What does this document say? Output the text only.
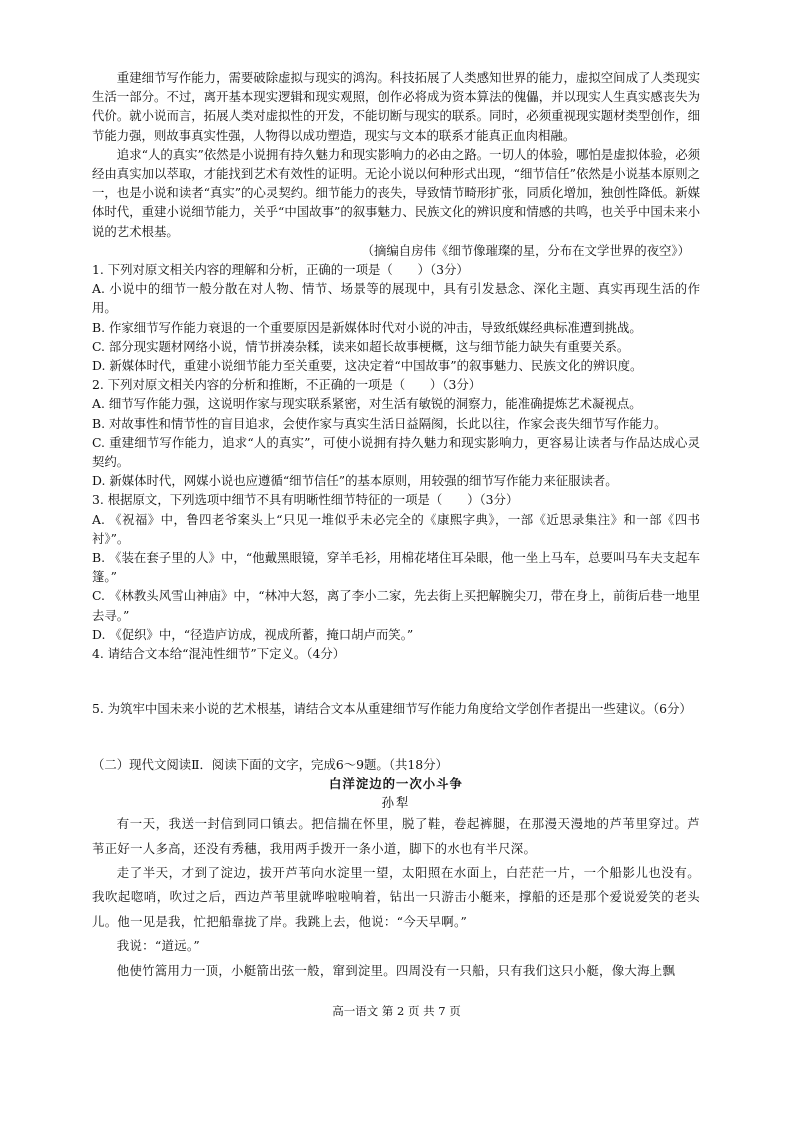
重建细节写作能力，需要破除虚拟与现实的鸿沟。科技拓展了人类感知世界的能力，虚拟空间成了人类现实生活一部分。不过，离开基本现实逻辑和现实观照，创作必将成为资本算法的傀儡，并以现实人生真实感丧失为代价。就小说而言，拓展人类对虚拟性的开发，不能切断与现实的联系。同时，必须重视现实题材类型创作，细节能力强，则故事真实性强，人物得以成功塑造，现实与文本的联系才能真正血肉相融。

追求“人的真实”依然是小说拥有持久魅力和现实影响力的必由之路。一切人的体验，哪怕是虚拟体验，必须经由真实加以萃取，才能找到艺术有效性的证明。无论小说以何种形式出现，“细节信任”依然是小说基本原则之一，也是小说和读者“真实”的心灵契约。细节能力的丧失，导致情节畸形扩张，同质化增加，独创性降低。新媒体时代，重建小说细节能力，关乎“中国故事”的叙事魅力、民族文化的辨识度和情感的共鸣，也关乎中国未来小说的艺术根基。

（摘编自房伟《细节像璀璨的星，分布在文学世界的夜空》）

1. 下列对原文相关内容的理解和分析，正确的一项是（　　）（3分）

A. 小说中的细节一般分散在对人物、情节、场景等的展现中，具有引发悬念、深化主题、真实再现生活的作用。

B. 作家细节写作能力衰退的一个重要原因是新媒体时代对小说的冲击，导致纸媒经典标准遭到挑战。

C. 部分现实题材网络小说，情节拼凑杂糅，读来如超长故事梗概，这与细节能力缺失有重要关系。

D. 新媒体时代，重建小说细节能力至关重要，这决定着“中国故事”的叙事魅力、民族文化的辨识度。

2. 下列对原文相关内容的分析和推断，不正确的一项是（　　）（3分）

A. 细节写作能力强，这说明作家与现实联系紧密，对生活有敏锐的洞察力，能准确提炼艺术凝视点。

B. 对故事性和情节性的盲目追求，会使作家与真实生活日益隔阂，长此以往，作家会丧失细节写作能力。

C. 重建细节写作能力，追求“人的真实”，可使小说拥有持久魅力和现实影响力，更容易让读者与作品达成心灵契约。

D. 新媒体时代，网媒小说也应遵循“细节信任”的基本原则，用较强的细节写作能力来征服读者。

3. 根据原文，下列选项中细节不具有明晰性细节特征的一项是（　　）（3分）

A. 《祝福》中，鲁四老爷案头上“只见一堆似乎未必完全的《康熙字典》，一部《近思录集注》和一部《四书衬》”。

B. 《装在套子里的人》中，“他戴黑眼镜，穿羊毛衫，用棉花堵住耳朵眼，他一坐上马车，总要叫马车夫支起车篷。”

C. 《林教头风雪山神庙》中，“林冲大怒，离了李小二家，先去街上买把解腕尖刀，带在身上，前街后巷一地里去寻。”

D. 《促织》中，“径造庐访成，视成所蓄，掩口胡卢而笑。”

4. 请结合文本给“混沌性细节”下定义。（4分）

5. 为筑牢中国未来小说的艺术根基，请结合文本从重建细节写作能力角度给文学创作者提出一些建议。（6分）

（二）现代文阅读Ⅱ．阅读下面的文字，完成6～9题。（共18分）

白洋淀边的一次小斗争

孙犁

有一天，我送一封信到同口镇去。把信揣在怀里，脱了鞋，卷起裤腿，在那漫天漫地的芦苇里穿过。芦苇正好一人多高，还没有秀穗，我用两手拨开一条小道，脚下的水也有半尺深。

走了半天，才到了淀边，拔开芦苇向水淀里一望，太阳照在水面上，白茫茫一片，一个船影儿也没有。我吹起唿哨，吹过之后，西边芦苇里就哗啦啦响着，钻出一只游击小艇来，撑船的还是那个爱说爱笑的老头儿。他一见是我，忙把船靠拢了岸。我跳上去，他说：“今天早啊。”

我说：“道远。”

他使竹篙用力一顶，小艇箭出弦一般，窜到淀里。四周没有一只船，只有我们这只小艇，像大海上飘

高一语文 第 2 页 共 7 页
